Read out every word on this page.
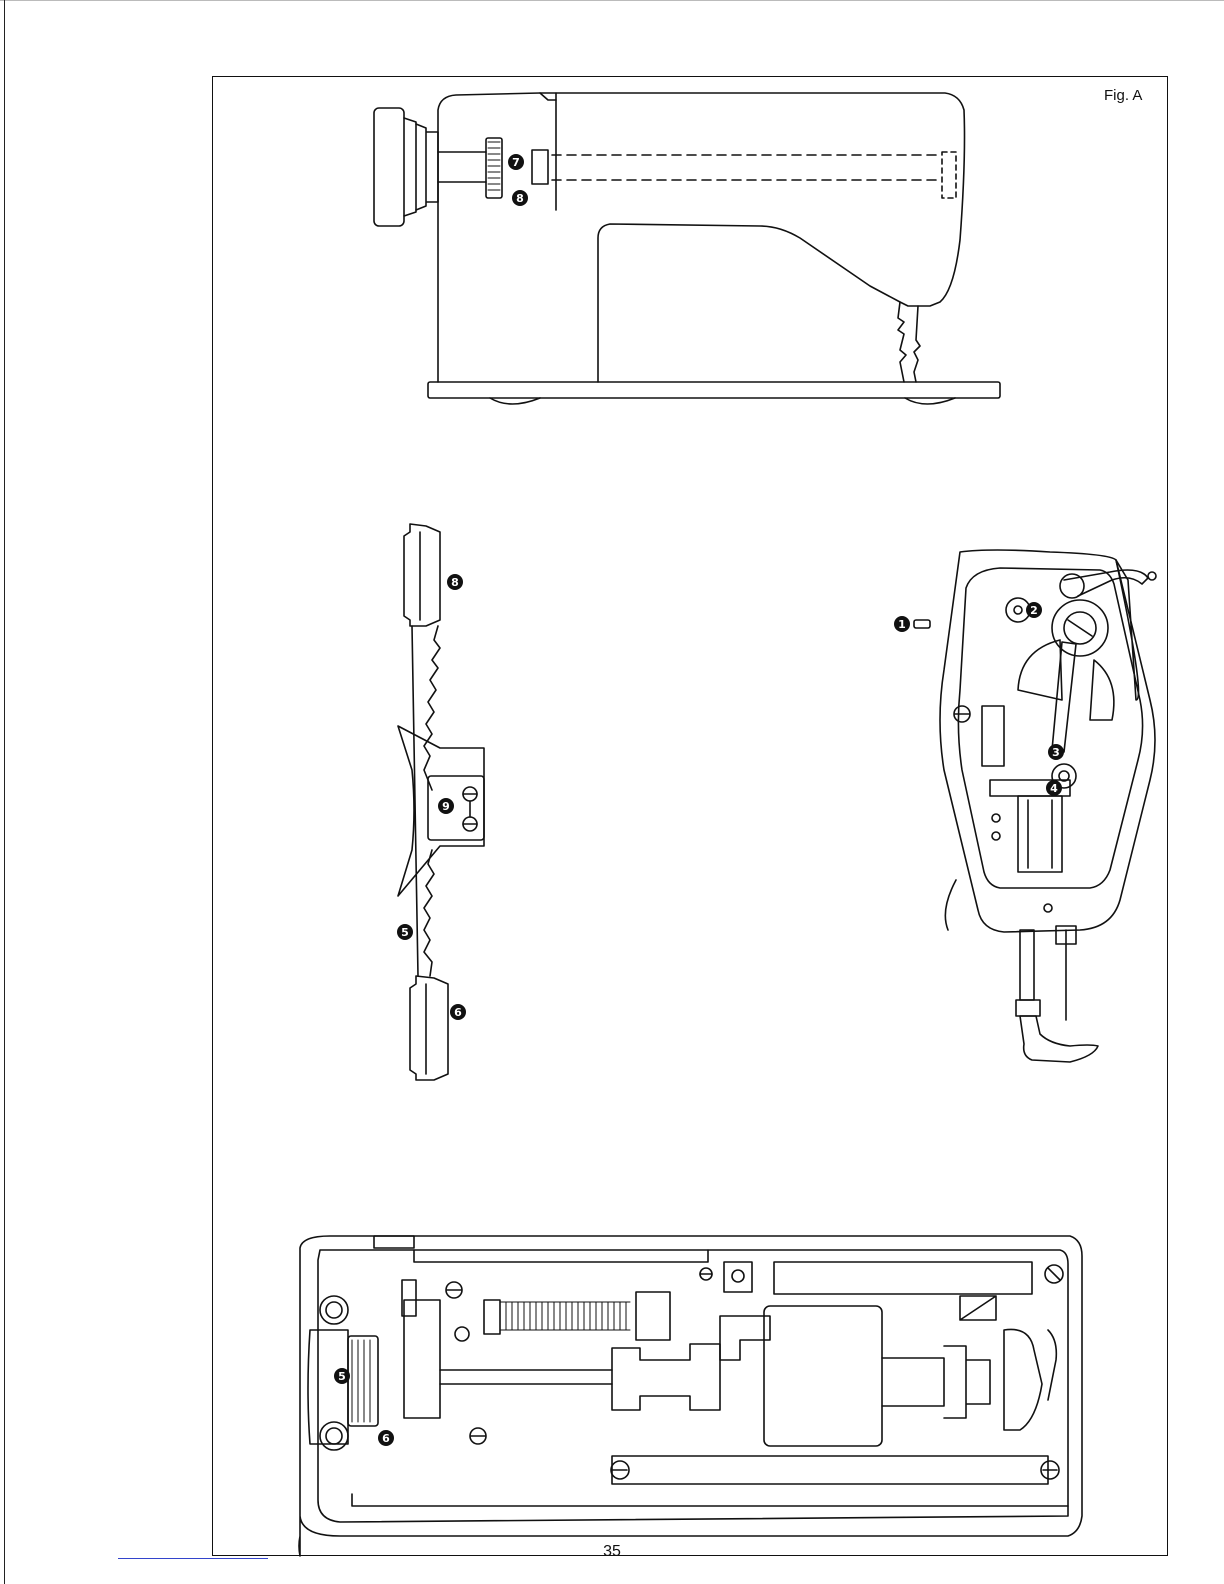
Fig. A
7
8
8
9
5
6
1
2
3
4
5
6
35
